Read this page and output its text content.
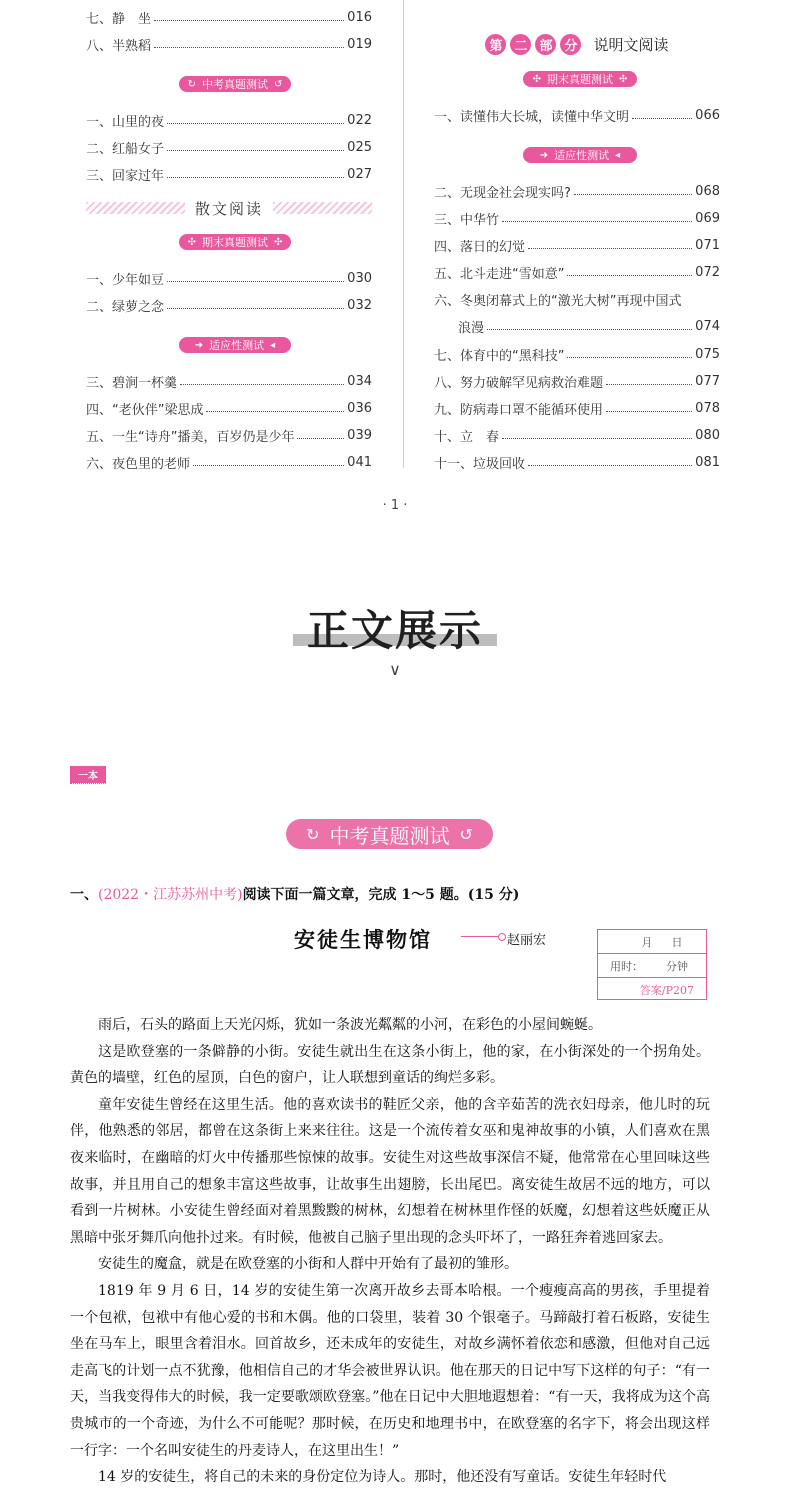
七、静　坐	016
八、半熟稻	019
↻ 中考真题测试 ↺
一、山里的夜	022
二、红船女子	025
三、回家过年	027
散文阅读
✣ 期末真题测试 ✣
一、少年如豆	030
二、绿萝之念	032
➜ 适应性测试 ◂
三、碧涧一杯羹	034
四、“老伙伴”梁思成	036
五、一生“诗舟”播美，百岁仍是少年	039
六、夜色里的老师	041
第 二 部 分 说明文阅读
✣ 期末真题测试 ✣
一、读懂伟大长城，读懂中华文明	066
➜ 适应性测试 ◂
二、无现金社会现实吗?	068
三、中华竹	069
四、落日的幻觉	071
五、北斗走进“雪如意”	072
六、冬奥闭幕式上的“激光大树”再现中国式
浪漫	074
七、体育中的“黑科技”	075
八、努力破解罕见病救治难题	077
九、防病毒口罩不能循环使用	078
十、立　春	080
十一、垃圾回收	081
· 1 ·
正文展示
∨
一本
↻ 中考真题测试 ↺
一、(2022・江苏苏州中考)阅读下面一篇文章，完成 1～5 题。(15 分)
安徒生博物馆	赵丽宏	月 日
用时： 分钟
答案/P207

雨后，石头的路面上天光闪烁，犹如一条波光粼粼的小河，在彩色的小屋间蜿蜒。

这是欧登塞的一条僻静的小街。安徒生就出生在这条小街上，他的家，在小街深处的一个拐角处。黄色的墙壁，红色的屋顶，白色的窗户，让人联想到童话的绚烂多彩。

童年安徒生曾经在这里生活。他的喜欢读书的鞋匠父亲，他的含辛茹苦的洗衣妇母亲，他儿时的玩伴，他熟悉的邻居，都曾在这条街上来来往往。这是一个流传着女巫和鬼神故事的小镇，人们喜欢在黑夜来临时，在幽暗的灯火中传播那些惊悚的故事。安徒生对这些故事深信不疑，他常常在心里回味这些故事，并且用自己的想象丰富这些故事，让故事生出翅膀，长出尾巴。离安徒生故居不远的地方，可以看到一片树林。小安徒生曾经面对着黑黢黢的树林，幻想着在树林里作怪的妖魔，幻想着这些妖魔正从黑暗中张牙舞爪向他扑过来。有时候，他被自己脑子里出现的念头吓坏了，一路狂奔着逃回家去。

安徒生的魔盒，就是在欧登塞的小街和人群中开始有了最初的雏形。

1819 年 9 月 6 日，14 岁的安徒生第一次离开故乡去哥本哈根。一个瘦瘦高高的男孩，手里提着一个包袱，包袱中有他心爱的书和木偶。他的口袋里，装着 30 个银毫子。马蹄敲打着石板路，安徒生坐在马车上，眼里含着泪水。回首故乡，还未成年的安徒生，对故乡满怀着依恋和感激，但他对自己远走高飞的计划一点不犹豫，他相信自己的才华会被世界认识。他在那天的日记中写下这样的句子：“有一天，当我变得伟大的时候，我一定要歌颂欧登塞。”他在日记中大胆地遐想着：“有一天，我将成为这个高贵城市的一个奇迹，为什么不可能呢？那时候，在历史和地理书中，在欧登塞的名字下，将会出现这样一行字：一个名叫安徒生的丹麦诗人，在这里出生！”

14 岁的安徒生，将自己的未来的身份定位为诗人。那时，他还没有写童话。安徒生年轻时代
